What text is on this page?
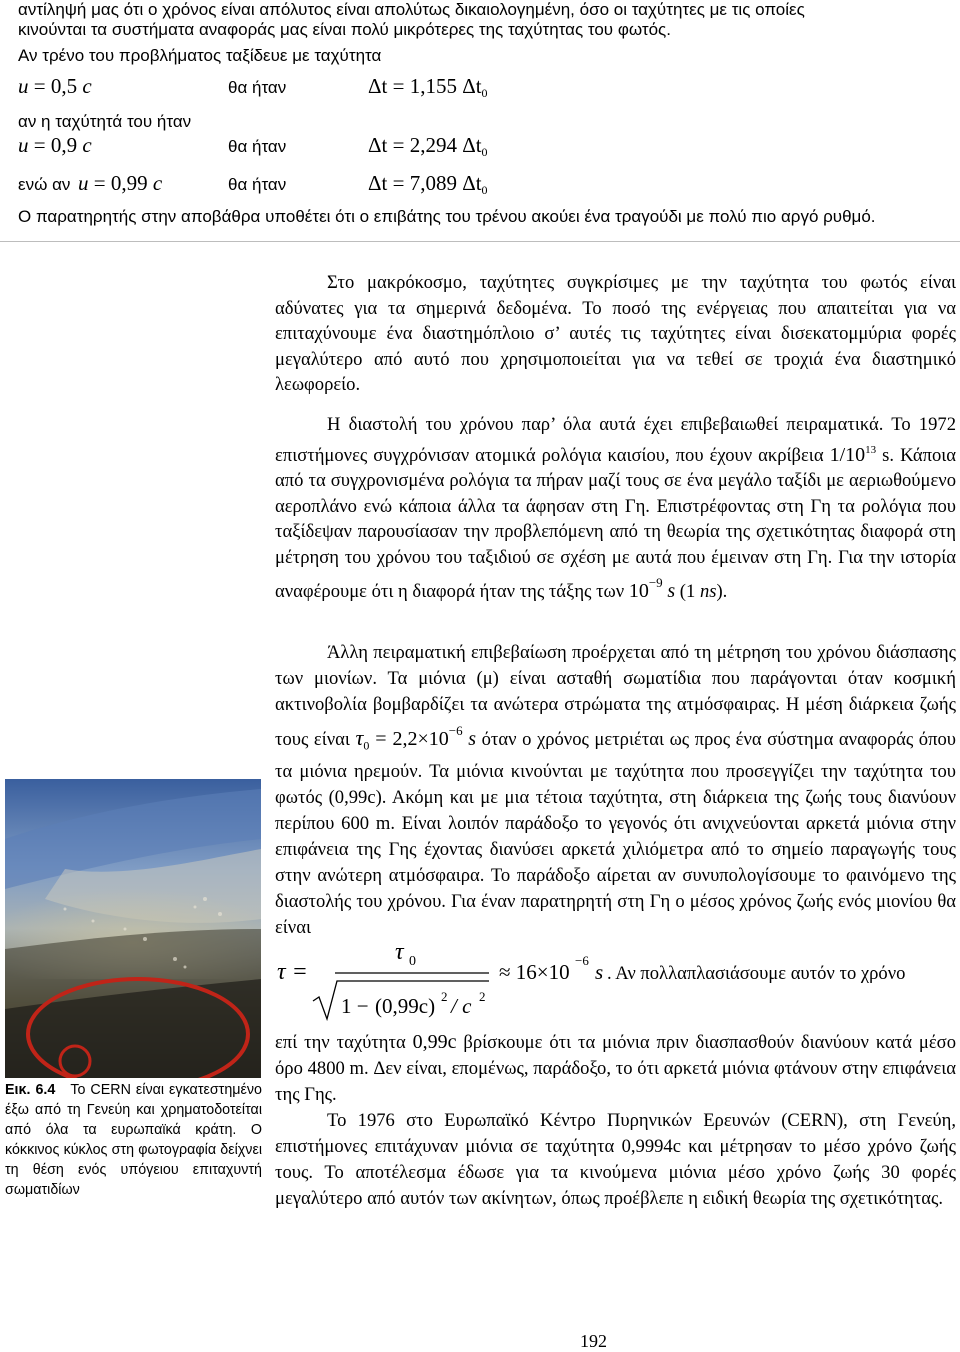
αντίληψή μας ότι ο χρόνος είναι απόλυτος είναι απολύτως δικαιολογημένη, όσο οι ταχύτητες με τις οποίες
κινούνται τα συστήματα αναφοράς μας είναι πολύ μικρότερες της ταχύτητας του φωτός.
Αν τρένο του προβλήματος ταξίδευε με ταχύτητα
u = 0,5 c	θα ήταν	Δt = 1,155 $\Delta t_0$
αν η ταχύτητά του ήταν
u = 0,9 c	θα ήταν	Δt = 2,294 $\Delta t_0$
ενώ αν u = 0,99 c	θα ήταν	Δt = 7,089 $\Delta t_0$
Ο παρατηρητής στην αποβάθρα υποθέτει ότι ο επιβάτης του τρένου ακούει ένα τραγούδι με πολύ πιο αργό ρυθμό.

Στο μακρόκοσμο, ταχύτητες συγκρίσιμες με την ταχύτητα του φωτός είναι αδύνατες για τα σημερινά δεδομένα. Το ποσό της ενέργειας που απαιτείται για να επιταχύνουμε ένα διαστημόπλοιο σ’ αυτές τις ταχύτητες είναι δισεκατομμύρια φορές μεγαλύτερο από αυτό που χρησιμοποιείται για να τεθεί σε τροχιά ένα διαστημικό λεωφορείο.

Η διαστολή του χρόνου παρ’ όλα αυτά έχει επιβεβαιωθεί πειραματικά. Το 1972 επιστήμονες συγχρόνισαν ατομικά ρολόγια καισίου, που έχουν ακρίβεια $1/10^{13}$ s. Κάποια από τα συγχρονισμένα ρολόγια τα πήραν μαζί τους σε ένα μεγάλο ταξίδι με αεριωθούμενο αεροπλάνο ενώ κάποια άλλα τα άφησαν στη Γη. Επιστρέφοντας στη Γη τα ρολόγια που ταξίδεψαν παρουσίασαν την προβλεπόμενη από τη θεωρία της σχετικότητας διαφορά στη μέτρηση του χρόνου του ταξιδιού σε σχέση με αυτά που έμειναν στη Γη. Για την ιστορία αναφέρουμε ότι η διαφορά ήταν της τάξης των $10^{-9}$ s (1 ns).

Άλλη πειραματική επιβεβαίωση προέρχεται από τη μέτρηση του χρόνου διάσπασης των μιονίων. Τα μιόνια (μ) είναι ασταθή σωματίδια που παράγονται όταν κοσμική ακτινοβολία βομβαρδίζει τα ανώτερα στρώματα της ατμόσφαιρας. Η μέση διάρκεια ζωής τους είναι $\tau_0 = 2,2\times 10^{-6}$ s όταν ο χρόνος μετριέται ως προς ένα σύστημα αναφοράς όπου τα μιόνια ηρεμούν. Τα μιόνια κινούνται με ταχύτητα που προσεγγίζει την ταχύτητα του φωτός (0,99c). Ακόμη και με μια τέτοια ταχύτητα, στη διάρκεια της ζωής τους διανύουν περίπου 600 m. Είναι λοιπόν παράδοξο το γεγονός ότι ανιχνεύονται αρκετά μιόνια στην επιφάνεια της Γης έχοντας διανύσει αρκετά χιλιόμετρα από το σημείο παραγωγής τους στην ανώτερη ατμόσφαιρα. Το παράδοξο αίρεται αν συνυπολογίσουμε το φαινόμενο της διαστολής του χρόνου. Για έναν παρατηρητή στη Γη ο μέσος χρόνος ζωής ενός μιονίου θα είναι

τ =
τ 0
1 − (0,99c) 2 / c 2
≈ 16×10 −6 s . Αν πολλαπλασιάσουμε αυτόν το χρόνο

επί την ταχύτητα 0,99c βρίσκουμε ότι τα μιόνια πριν διασπασθούν διανύουν κατά μέσο όρο 4800 m. Δεν είναι, επομένως, παράδοξο, το ότι αρκετά μιόνια φτάνουν στην επιφάνεια της Γης.

Το 1976 στο Ευρωπαϊκό Κέντρο Πυρηνικών Ερευνών (CERN), στη Γενεύη, επιστήμονες επιτάχυναν μιόνια σε ταχύτητα 0,9994c και μέτρησαν το μέσο χρόνο ζωής τους. Το αποτέλεσμα έδωσε για τα κινούμενα μιόνια μέσο χρόνο ζωής 30 φορές μεγαλύτερο από αυτόν των ακίνητων, όπως προέβλεπε η ειδική θεωρία της σχετικότητας.

Εικ. 6.4 Το CERN είναι εγκατεστημένο έξω από τη Γενεύη και χρηματοδοτείται από όλα τα ευρωπαϊκά κράτη. Ο κόκκινος κύκλος στη φωτογραφία δείχνει τη θέση ενός υπόγειου επιταχυντή σωματιδίων
192
